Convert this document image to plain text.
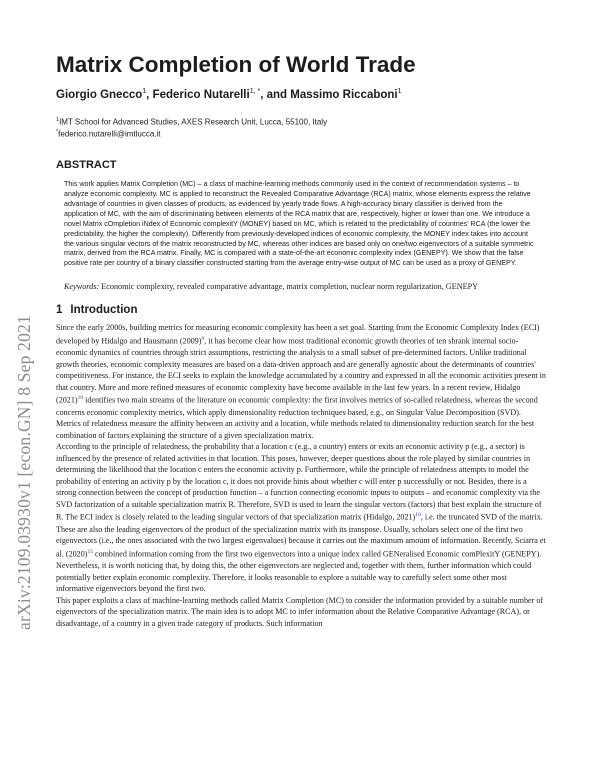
arXiv:2109.03930v1 [econ.GN] 8 Sep 2021
Matrix Completion of World Trade
Giorgio Gnecco$^1$, Federico Nutarelli$^{1, *}$, and Massimo Riccaboni$^1$

$^1$IMT School for Advanced Studies, AXES Research Unit, Lucca, 55100, Italy

*federico.nutarelli@imtlucca.it

ABSTRACT

This work applies Matrix Completion (MC) – a class of machine-learning methods commonly used in the context of recommendation systems – to analyze economic complexity. MC is applied to reconstruct the Revealed Comparative Advantage (RCA) matrix, whose elements express the relative advantage of countries in given classes of products, as evidenced by yearly trade flows. A high-accuracy binary classifier is derived from the application of MC, with the aim of discriminating between elements of the RCA matrix that are, respectively, higher or lower than one. We introduce a novel Matrix cOmpletion iNdex of Economic complexitY (MONEY) based on MC, which is related to the predictability of countries' RCA (the lower the predictability, the higher the complexity). Differently from previously-developed indices of economic complexity, the MONEY index takes into account the various singular vectors of the matrix reconstructed by MC, whereas other indices are based only on one/two eigenvectors of a suitable symmetric matrix, derived from the RCA matrix. Finally, MC is compared with a state-of-the-art economic complexity index (GENEPY). We show that the false positive rate per country of a binary classifier constructed starting from the average entry-wise output of MC can be used as a proxy of GENEPY.

Keywords: Economic complexity, revealed comparative advantage, matrix completion, nuclear norm regularization, GENEPY

1 Introduction

Since the early 2000s, building metrics for measuring economic complexity has been a set goal. Starting from the Economic Complexity Index (ECI) developed by Hidalgo and Hausmann $(2009)^9$, it has become clear how most traditional economic growth theories of ten shrank internal socio-economic dynamics of countries through strict assumptions, restricting the analysis to a small subset of pre-determined factors. Unlike traditional growth theories, economic complexity measures are based on a data-driven approach and are generally agnostic about the determinants of countries' competitiveness. For instance, the ECI seeks to explain the knowledge accumulated by a country and expressed in all the economic activities present in that country. More and more refined measures of economic complexity have become available in the last few years. In a recent review, Hidalgo $(2021)^{10}$ identifies two main streams of the literature on economic complexity: the first involves metrics of so-called relatedness, whereas the second concerns economic complexity metrics, which apply dimensionality reduction techniques based, e.g., on Singular Value Decomposition (SVD). Metrics of relatedness measure the affinity between an activity and a location, while methods related to dimensionality reduction search for the best combination of factors explaining the structure of a given specialization matrix.

According to the principle of relatedness, the probability that a location c (e.g., a country) enters or exits an economic activity p (e.g., a sector) is influenced by the presence of related activities in that location. This poses, however, deeper questions about the role played by similar countries in determining the likelihood that the location c enters the economic activity p. Furthermore, while the principle of relatedness attempts to model the probability of entering an activity p by the location c, it does not provide hints about whether c will enter p successfully or not. Besides, there is a strong connection between the concept of production function – a function connecting economic inputs to outputs – and economic complexity via the SVD factorization of a suitable specialization matrix R. Therefore, SVD is used to learn the singular vectors (factors) that best explain the structure of R. The ECI index is closely related to the leading singular vectors of that specialization matrix (Hidalgo, 2021)$^{10}$, i.e. the truncated SVD of the matrix. These are also the leading eigenvectors of the product of the specialization matrix with its transpose. Usually, scholars select one of the first two eigenvectors (i.e., the ones associated with the two largest eigenvalues) because it carries out the maximum amount of information. Recently, Sciarra et al. $(2020)^{15}$ combined information coming from the first two eigenvectors into a unique index called GENeralised Economic comPlexitY (GENEPY). Nevertheless, it is worth noticing that, by doing this, the other eigenvectors are neglected and, together with them, further information which could potentially better explain economic complexity. Therefore, it looks reasonable to explore a suitable way to carefully select some other most informative eigenvectors beyond the first two.

This paper exploits a class of machine-learning methods called Matrix Completion (MC) to consider the information provided by a suitable number of eigenvectors of the specialization matrix. The main idea is to adopt MC to infer information about the Relative Comparative Advantage (RCA), or disadvantage, of a country in a given trade category of products. Such information
